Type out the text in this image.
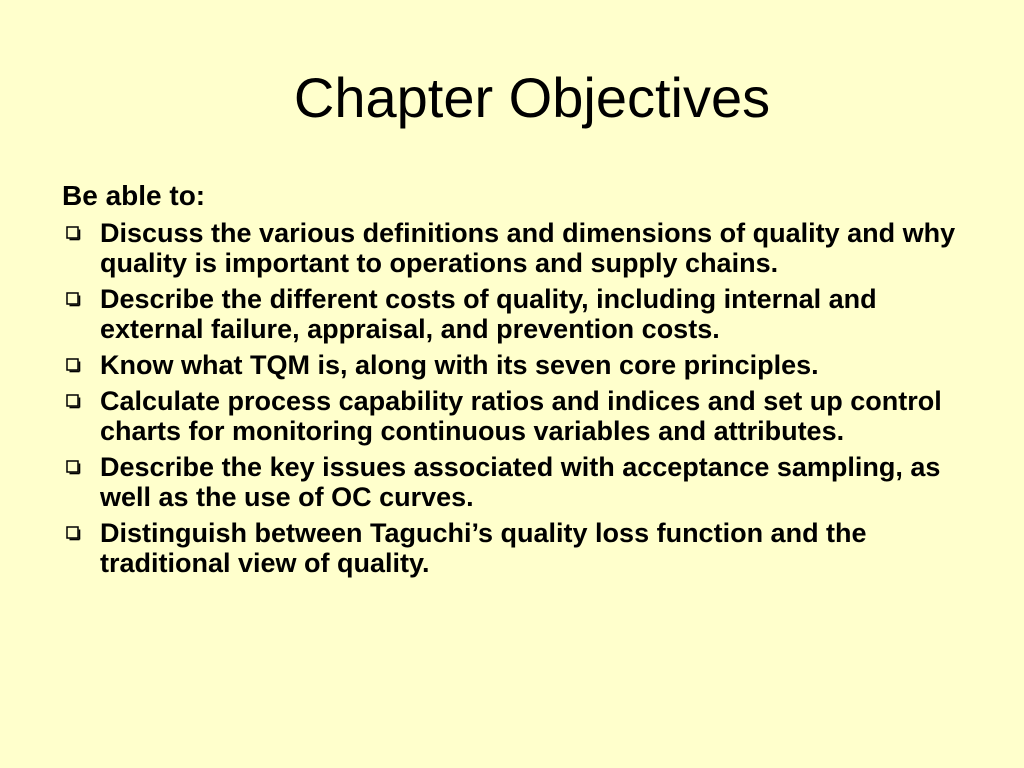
Chapter Objectives

Be able to:

Discuss the various definitions and dimensions of quality and why quality is important to operations and supply chains.
Describe the different costs of quality, including internal and external failure, appraisal, and prevention costs.
Know what TQM is, along with its seven core principles.
Calculate process capability ratios and indices and set up control charts for monitoring continuous variables and attributes.
Describe the key issues associated with acceptance sampling, as well as the use of OC curves.
Distinguish between Taguchi’s quality loss function and the traditional view of quality.
